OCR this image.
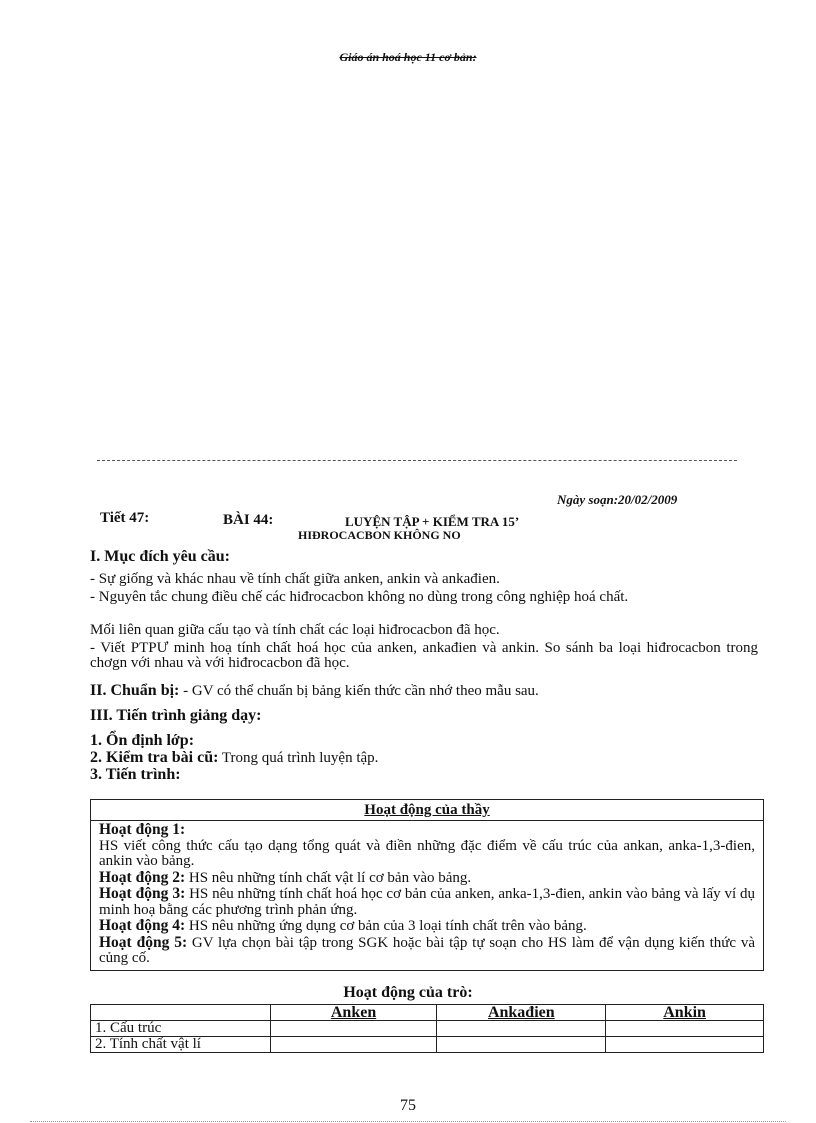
Giáo án hoá học 11 cơ bản:
Ngày soạn:20/02/2009
Tiết 47:	BÀI 44:	LUYỆN TẬP + KIỂM TRA 15’
HIĐROCACBON KHÔNG NO
I. Mục đích yêu cầu:
- Sự giống và khác nhau về tính chất giữa anken, ankin và ankađien.
- Nguyên tắc chung điều chế các hiđrocacbon không no dùng trong công nghiệp hoá chất.
Mối liên quan giữa cấu tạo và tính chất các loại hiđrocacbon đã học.
- Viết PTPƯ minh hoạ tính chất hoá học của anken, ankađien và ankin. So sánh ba loại hiđrocacbon trong chơgn với nhau và với hiđrocacbon đã học.
II. Chuẩn bị: - GV có thể chuẩn bị bảng kiến thức cần nhớ theo mẫu sau.
III. Tiến trình giảng dạy:
1. Ổn định lớp:
2. Kiểm tra bài cũ: Trong quá trình luyện tập.
3. Tiến trình:
Hoạt động của thầy

Hoạt động 1:

HS viết công thức cấu tạo dạng tổng quát và điền những đặc điểm về cấu trúc của ankan, anka-1,3-đien, ankin vào bảng.

Hoạt động 2: HS nêu những tính chất vật lí cơ bản vào bảng.

Hoạt động 3: HS nêu những tính chất hoá học cơ bản của anken, anka-1,3-đien, ankin vào bảng và lấy ví dụ minh hoạ bằng các phương trình phản ứng.

Hoạt động 4: HS nêu những ứng dụng cơ bản của 3 loại tính chất trên vào bảng.

Hoạt động 5: GV lựa chọn bài tập trong SGK hoặc bài tập tự soạn cho HS làm để vận dụng kiến thức và củng cố.

Hoạt động của trò:
	Anken	Ankađien	Ankin
1. Cấu trúc			
2. Tính chất vật lí			
75
